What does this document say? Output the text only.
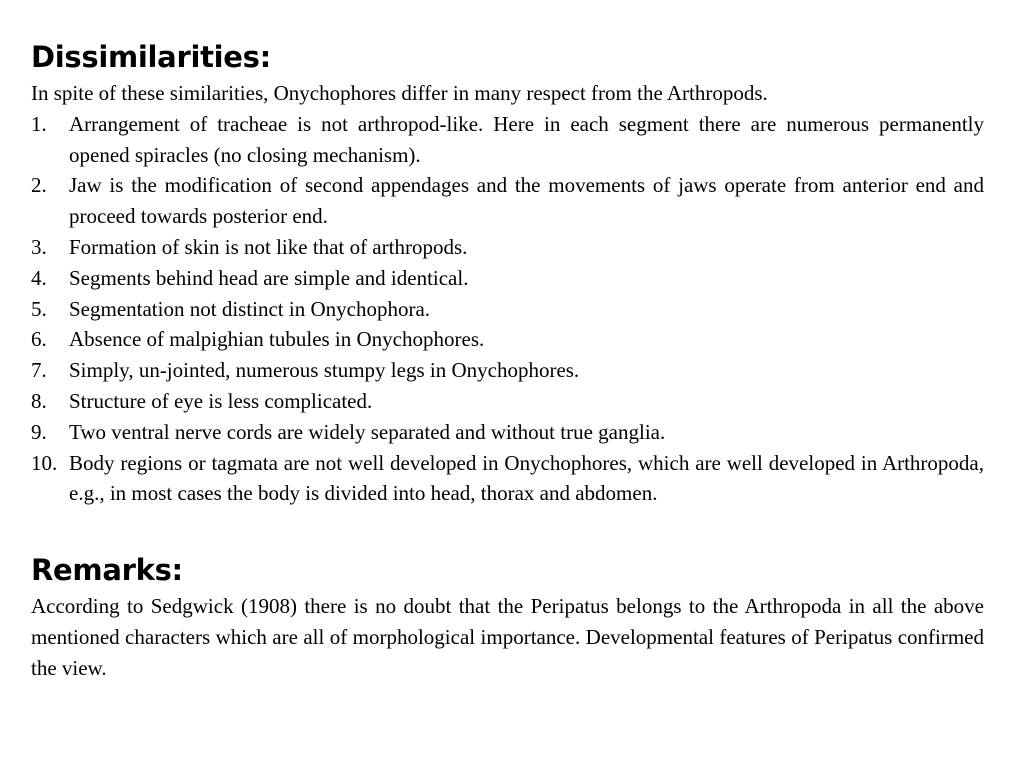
Dissimilarities:

In spite of these similarities, Onychophores differ in many respect from the Arthropods.

1.	Arrangement of tracheae is not arthropod-like. Here in each segment there are numerous permanently opened spiracles (no closing mechanism).
2.	Jaw is the modification of second appendages and the movements of jaws operate from anterior end and proceed towards posterior end.
3.	Formation of skin is not like that of arthropods.
4.	Segments behind head are simple and identical.
5.	Segmentation not distinct in Onychophora.
6.	Absence of malpighian tubules in Onychophores.
7.	Simply, un-jointed, numerous stumpy legs in Onychophores.
8.	Structure of eye is less complicated.
9.	Two ventral nerve cords are widely separated and without true ganglia.
10. Body regions or tagmata are not well developed in Onychophores, which are well developed in Arthropoda, e.g., in most cases the body is divided into head, thorax and abdomen.
Remarks:

According to Sedgwick (1908) there is no doubt that the Peripatus belongs to the Arthropoda in all the above mentioned characters which are all of morphological importance. Developmental features of Peripatus confirmed the view.
